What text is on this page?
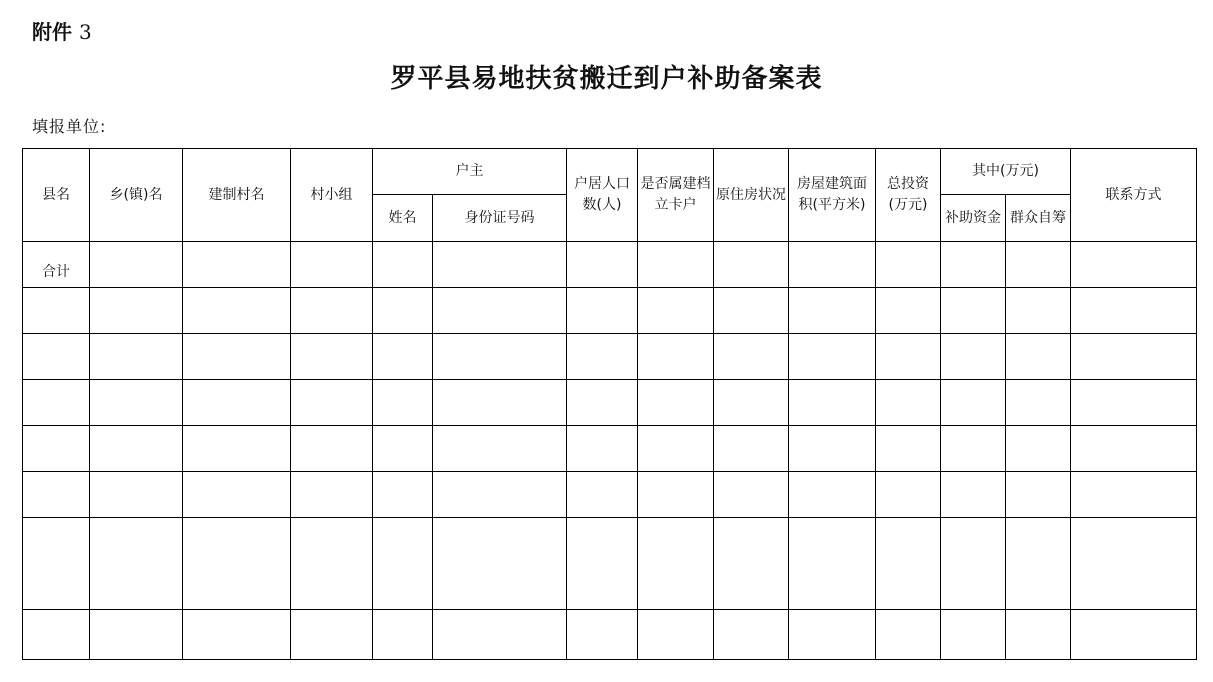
附件 3
罗平县易地扶贫搬迁到户补助备案表
填报单位:
县名	乡(镇)名	建制村名	村小组	户主		户居人口数(人)	是否属建档立卡户	原住房状况	房屋建筑面积(平方米)	总投资(万元)	其中(万元)		联系方式
				姓名	身份证号码						补助资金	群众自筹	
合计													
